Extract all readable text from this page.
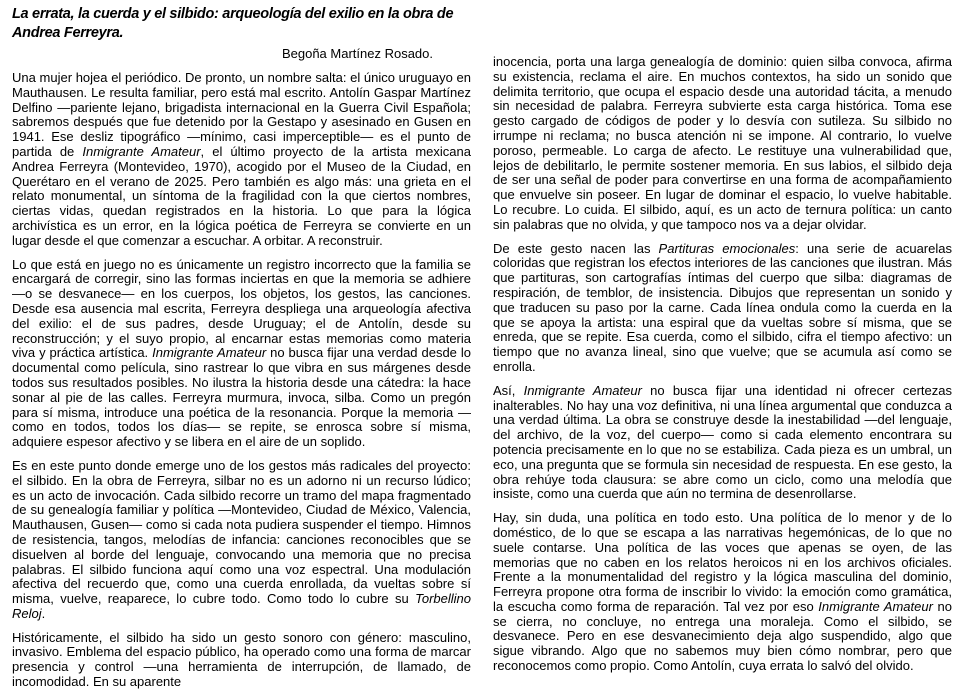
La errata, la cuerda y el silbido: arqueología del exilio en la obra de Andrea Ferreyra.
Begoña Martínez Rosado.

Una mujer hojea el periódico. De pronto, un nombre salta: el único uruguayo en Mauthausen. Le resulta familiar, pero está mal escrito. Antolín Gaspar Martínez Delfino —pariente lejano, brigadista internacional en la Guerra Civil Española; sabremos después que fue detenido por la Gestapo y asesinado en Gusen en 1941. Ese desliz tipográfico —mínimo, casi imperceptible— es el punto de partida de Inmigrante Amateur, el último proyecto de la artista mexicana Andrea Ferreyra (Montevideo, 1970), acogido por el Museo de la Ciudad, en Querétaro en el verano de 2025. Pero también es algo más: una grieta en el relato monumental, un síntoma de la fragilidad con la que ciertos nombres, ciertas vidas, quedan registrados en la historia. Lo que para la lógica archivística es un error, en la lógica poética de Ferreyra se convierte en un lugar desde el que comenzar a escuchar. A orbitar. A reconstruir.

Lo que está en juego no es únicamente un registro incorrecto que la familia se encargará de corregir, sino las formas inciertas en que la memoria se adhiere —o se desvanece— en los cuerpos, los objetos, los gestos, las canciones. Desde esa ausencia mal escrita, Ferreyra despliega una arqueología afectiva del exilio: el de sus padres, desde Uruguay; el de Antolín, desde su reconstrucción; y el suyo propio, al encarnar estas memorias como materia viva y práctica artística. Inmigrante Amateur no busca fijar una verdad desde lo documental como película, sino rastrear lo que vibra en sus márgenes desde todos sus resultados posibles. No ilustra la historia desde una cátedra: la hace sonar al pie de las calles. Ferreyra murmura, invoca, silba. Como un pregón para sí misma, introduce una poética de la resonancia. Porque la memoria —como en todos, todos los días— se repite, se enrosca sobre sí misma, adquiere espesor afectivo y se libera en el aire de un soplido.

Es en este punto donde emerge uno de los gestos más radicales del proyecto: el silbido. En la obra de Ferreyra, silbar no es un adorno ni un recurso lúdico; es un acto de invocación. Cada silbido recorre un tramo del mapa fragmentado de su genealogía familiar y política —Montevideo, Ciudad de México, Valencia, Mauthausen, Gusen— como si cada nota pudiera suspender el tiempo. Himnos de resistencia, tangos, melodías de infancia: canciones reconocibles que se disuelven al borde del lenguaje, convocando una memoria que no precisa palabras. El silbido funciona aquí como una voz espectral. Una modulación afectiva del recuerdo que, como una cuerda enrollada, da vueltas sobre sí misma, vuelve, reaparece, lo cubre todo. Como todo lo cubre su Torbellino Reloj.

Históricamente, el silbido ha sido un gesto sonoro con género: masculino, invasivo. Emblema del espacio público, ha operado como una forma de marcar presencia y control —una herramienta de interrupción, de llamado, de incomodidad. En su aparente

inocencia, porta una larga genealogía de dominio: quien silba convoca, afirma su existencia, reclama el aire. En muchos contextos, ha sido un sonido que delimita territorio, que ocupa el espacio desde una autoridad tácita, a menudo sin necesidad de palabra. Ferreyra subvierte esta carga histórica. Toma ese gesto cargado de códigos de poder y lo desvía con sutileza. Su silbido no irrumpe ni reclama; no busca atención ni se impone. Al contrario, lo vuelve poroso, permeable. Lo carga de afecto. Le restituye una vulnerabilidad que, lejos de debilitarlo, le permite sostener memoria. En sus labios, el silbido deja de ser una señal de poder para convertirse en una forma de acompañamiento que envuelve sin poseer. En lugar de dominar el espacio, lo vuelve habitable. Lo recubre. Lo cuida. El silbido, aquí, es un acto de ternura política: un canto sin palabras que no olvida, y que tampoco nos va a dejar olvidar.

De este gesto nacen las Partituras emocionales: una serie de acuarelas coloridas que registran los efectos interiores de las canciones que ilustran. Más que partituras, son cartografías íntimas del cuerpo que silba: diagramas de respiración, de temblor, de insistencia. Dibujos que representan un sonido y que traducen su paso por la carne. Cada línea ondula como la cuerda en la que se apoya la artista: una espiral que da vueltas sobre sí misma, que se enreda, que se repite. Esa cuerda, como el silbido, cifra el tiempo afectivo: un tiempo que no avanza lineal, sino que vuelve; que se acumula así como se enrolla.

Así, Inmigrante Amateur no busca fijar una identidad ni ofrecer certezas inalterables. No hay una voz definitiva, ni una línea argumental que conduzca a una verdad última. La obra se construye desde la inestabilidad —del lenguaje, del archivo, de la voz, del cuerpo— como si cada elemento encontrara su potencia precisamente en lo que no se estabiliza. Cada pieza es un umbral, un eco, una pregunta que se formula sin necesidad de respuesta. En ese gesto, la obra rehúye toda clausura: se abre como un ciclo, como una melodía que insiste, como una cuerda que aún no termina de desenrollarse.

Hay, sin duda, una política en todo esto. Una política de lo menor y de lo doméstico, de lo que se escapa a las narrativas hegemónicas, de lo que no suele contarse. Una política de las voces que apenas se oyen, de las memorias que no caben en los relatos heroicos ni en los archivos oficiales. Frente a la monumentalidad del registro y la lógica masculina del dominio, Ferreyra propone otra forma de inscribir lo vivido: la emoción como gramática, la escucha como forma de reparación. Tal vez por eso Inmigrante Amateur no se cierra, no concluye, no entrega una moraleja. Como el silbido, se desvanece. Pero en ese desvanecimiento deja algo suspendido, algo que sigue vibrando. Algo que no sabemos muy bien cómo nombrar, pero que reconocemos como propio. Como Antolín, cuya errata lo salvó del olvido.
